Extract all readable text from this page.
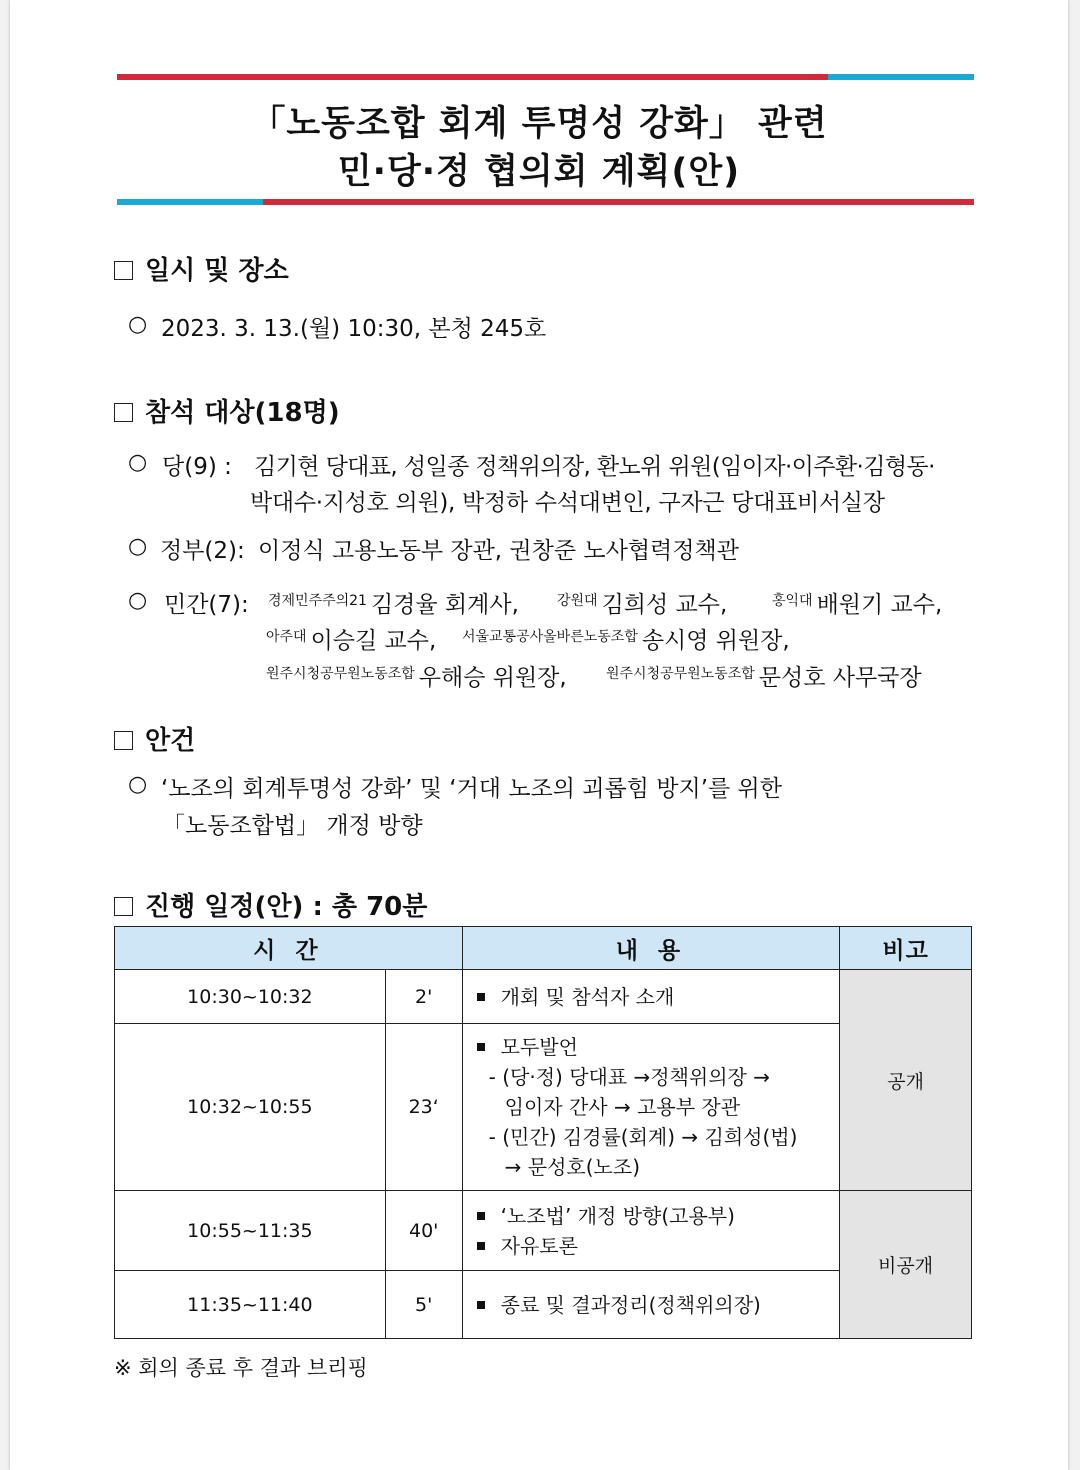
「노동조합 회계 투명성 강화」 관련
민·당·정 협의회 계획(안)
일시 및 장소
○ 2023. 3. 13.(월) 10:30, 본청 245호
참석 대상(18명)
○ 당(9) : 김기현 당대표, 성일종 정책위의장, 환노위 위원(임이자·이주환·김형동·
박대수·지성호 의원), 박정하 수석대변인, 구자근 당대표비서실장
○ 정부(2): 이정식 고용노동부 장관, 권창준 노사협력정책관
○ 민간(7): $^{경제민주주의21}$ 김경율 회계사,	$^{강원대}$ 김희성 교수,	$^{홍익대}$ 배원기 교수,
$^{아주대}$ 이승길 교수, $^{서울교통공사올바른노동조합}$ 송시영 위원장,
$^{원주시청공무원노동조합}$ 우해승 위원장,	$^{원주시청공무원노동조합}$ 문성호 사무국장
안건
○ ‘노조의 회계투명성 강화’ 및 ‘거대 노조의 괴롭힘 방지’를 위한
「노동조합법」 개정 방향
진행 일정(안) : 총 70분
시 간		내 용	비고
10:30~10:32	2'	개회 및 참석자 소개	공개
10:32~10:55	23‘	모두발언
- (당·정) 당대표 →정책위의장 →
임이자 간사 → 고용부 장관
- (민간) 김경률(회계) → 김희성(법)
→ 문성호(노조)	

10:55~11:35	40'	‘노조법’ 개정 방향(고용부)
자유토론	비공개
11:35~11:40	5'	종료 및 결과정리(정책위의장)	
※ 회의 종료 후 결과 브리핑
